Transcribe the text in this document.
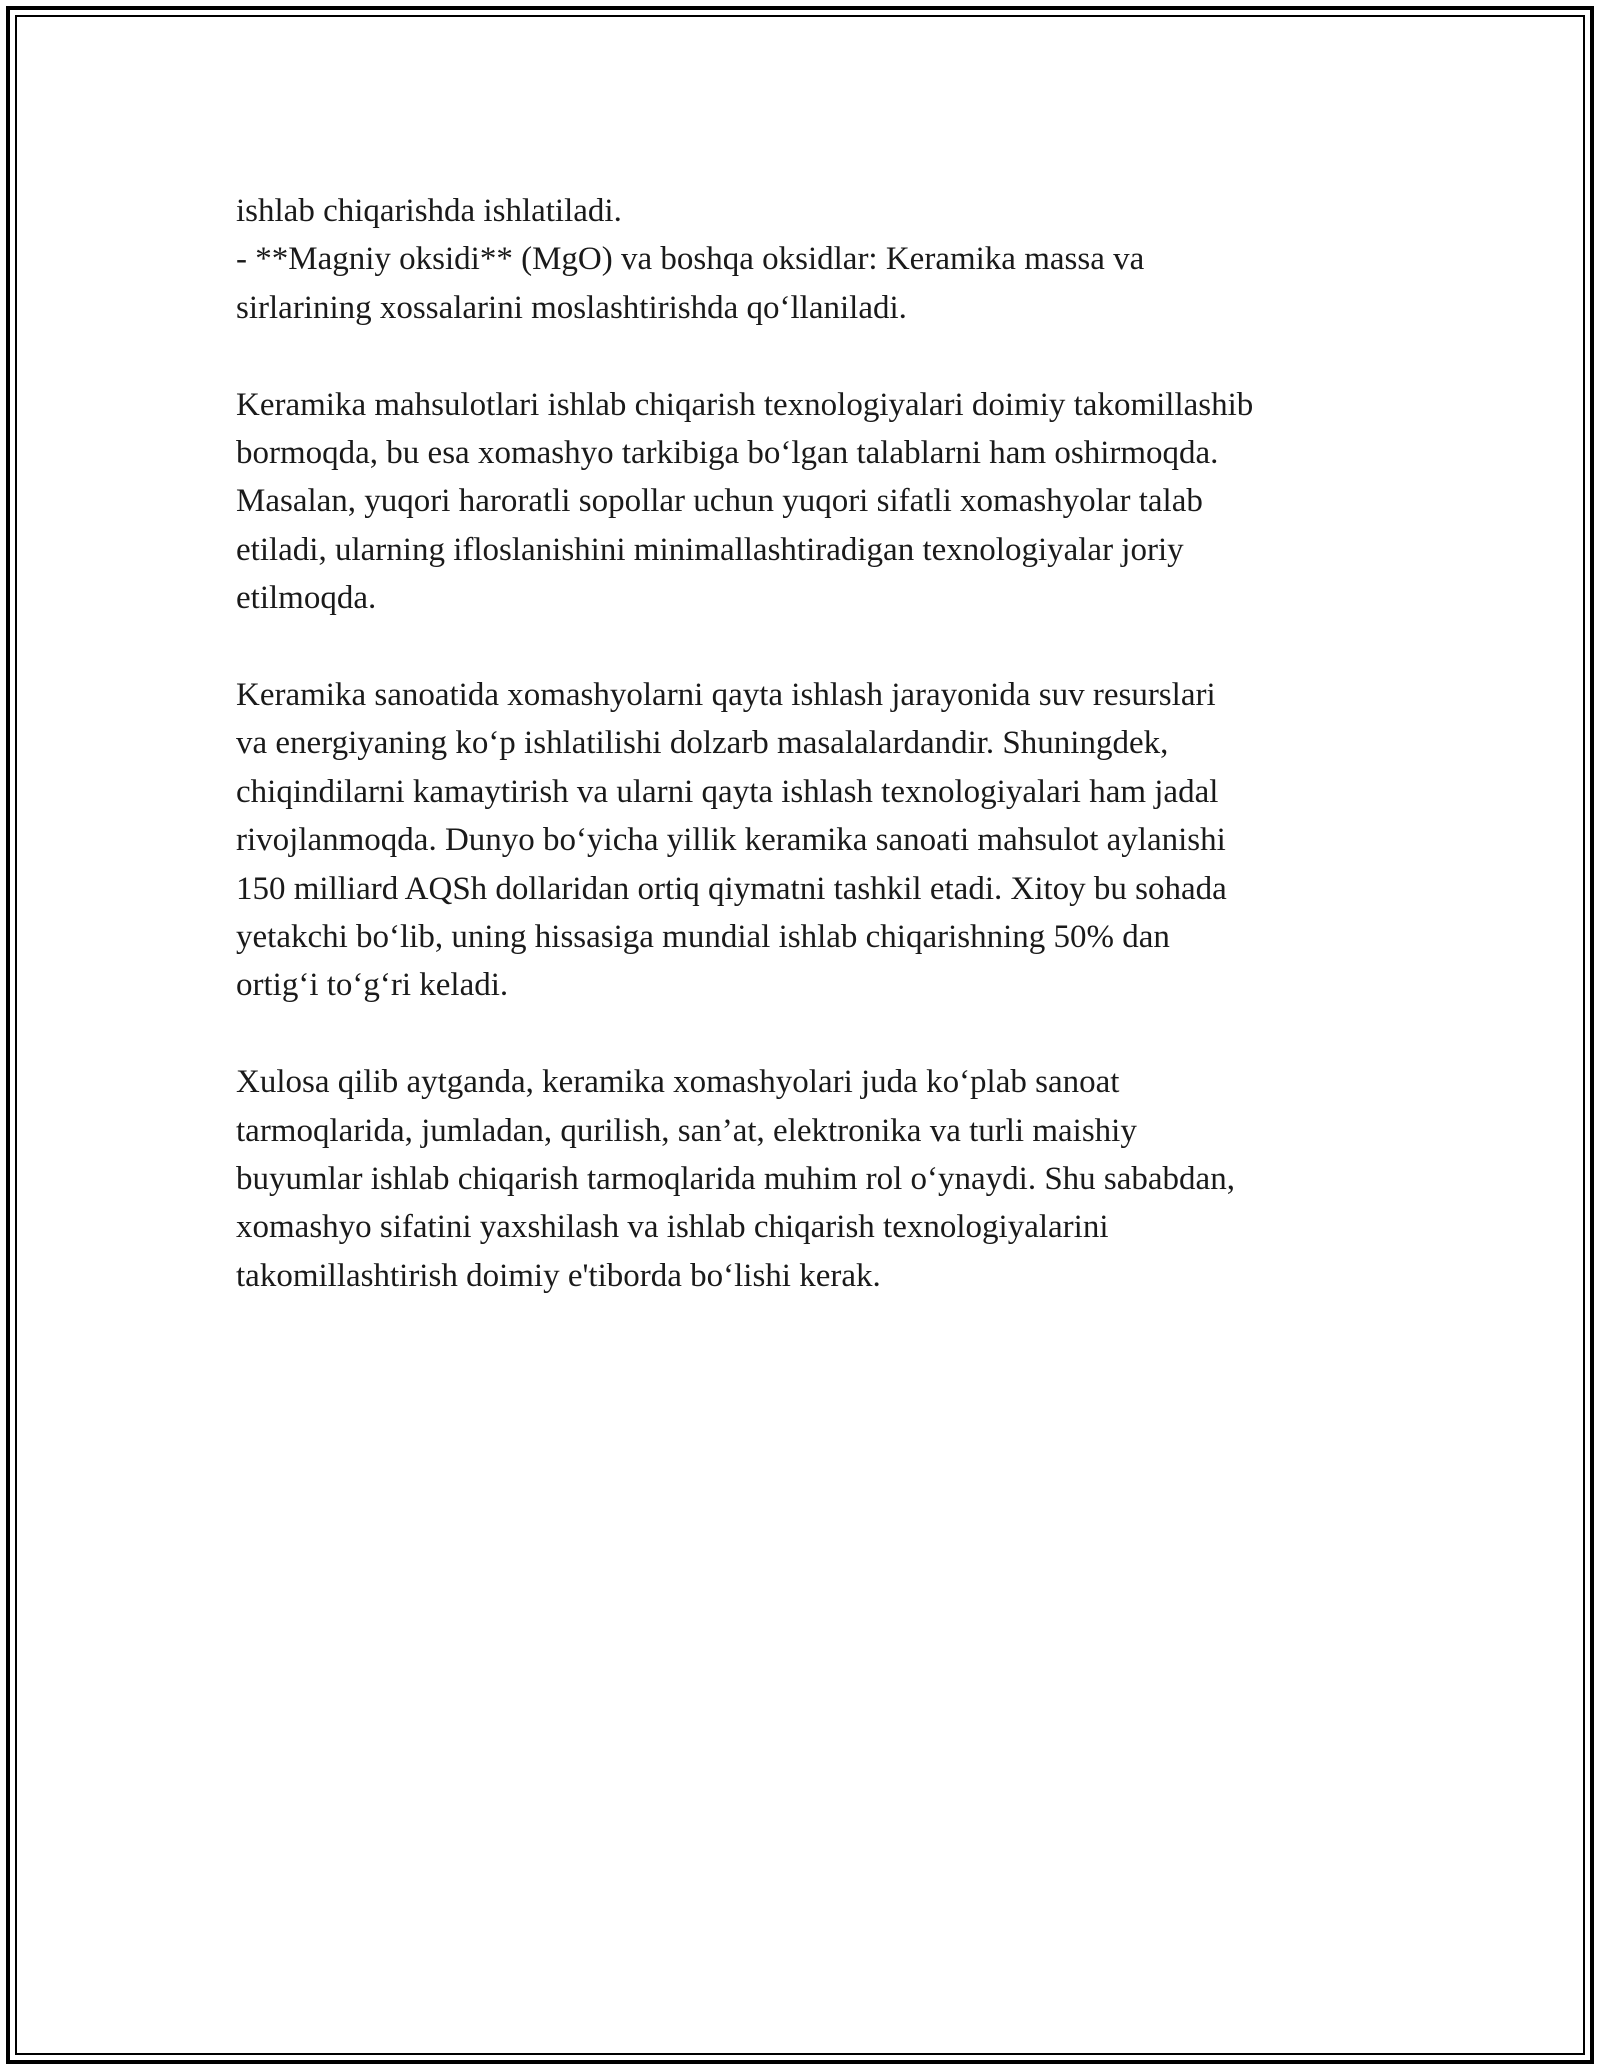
ishlab chiqarishda ishlatiladi.
- **Magniy oksidi** (MgO) va boshqa oksidlar: Keramika massa va
sirlarining xossalarini moslashtirishda qo‘llaniladi.

Keramika mahsulotlari ishlab chiqarish texnologiyalari doimiy takomillashib
bormoqda, bu esa xomashyo tarkibiga bo‘lgan talablarni ham oshirmoqda.
Masalan, yuqori haroratli sopollar uchun yuqori sifatli xomashyolar talab
etiladi, ularning ifloslanishini minimallashtiradigan texnologiyalar joriy
etilmoqda.

Keramika sanoatida xomashyolarni qayta ishlash jarayonida suv resurslari
va energiyaning ko‘p ishlatilishi dolzarb masalalardandir. Shuningdek,
chiqindilarni kamaytirish va ularni qayta ishlash texnologiyalari ham jadal
rivojlanmoqda. Dunyo bo‘yicha yillik keramika sanoati mahsulot aylanishi
150 milliard AQSh dollaridan ortiq qiymatni tashkil etadi. Xitoy bu sohada
yetakchi bo‘lib, uning hissasiga mundial ishlab chiqarishning 50% dan
ortig‘i to‘g‘ri keladi.

Xulosa qilib aytganda, keramika xomashyolari juda ko‘plab sanoat
tarmoqlarida, jumladan, qurilish, san’at, elektronika va turli maishiy
buyumlar ishlab chiqarish tarmoqlarida muhim rol o‘ynaydi. Shu sababdan,
xomashyo sifatini yaxshilash va ishlab chiqarish texnologiyalarini
takomillashtirish doimiy e'tiborda bo‘lishi kerak.
